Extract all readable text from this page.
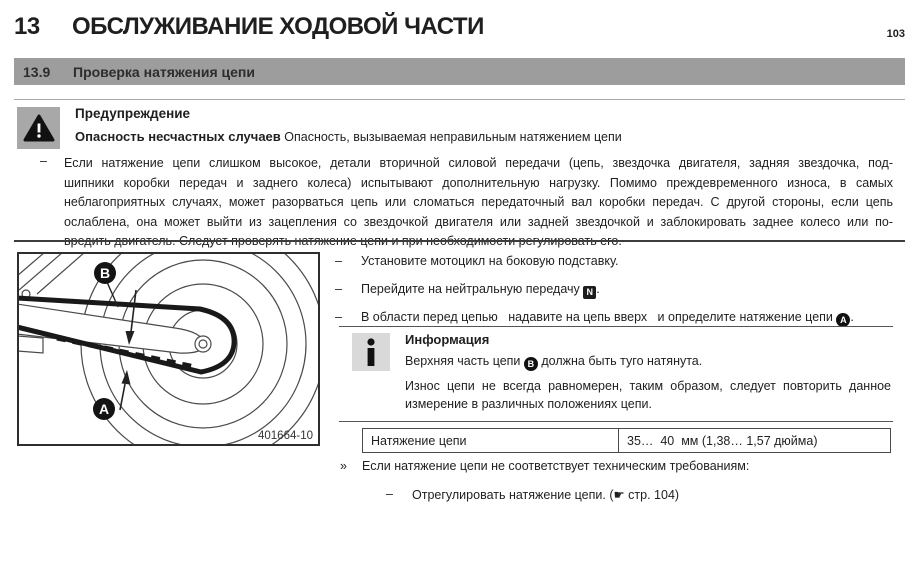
13	ОБСЛУЖИВАНИЕ ХОДОВОЙ ЧАСТИ	103
13.9	Проверка натяжения цепи
Предупреждение
Опасность несчастных случаев Опасность, вызываемая неправильным натяжением цепи
– Если натяжение цепи слишком высокое, детали вторичной силовой передачи (цепь, звездочка двигателя, задняя звездочка, под-
шипники коробки передач и заднего колеса) испытывают дополнительную нагрузку. Помимо преждевременного износа, в самых
неблагоприятных случаях, может разорваться цепь или сломаться передаточный вал коробки передач. С другой стороны, если цепь
ослаблена, она может выйти из зацепления со звездочкой двигателя или задней звездочкой и заблокировать заднее колесо или по-
B
A
401664-10
–	Установите мотоцикл на боковую подставку.
–	Перейдите на нейтральную передачу N .
–	В области перед цепью   надавите на цепь вверх   и определите натяжение цепи A .
Информация
Верхняя часть цепи B должна быть туго натянута.
Износ цепи не всегда равномерен, таким образом, следует повторить данное
измерение в различных положениях цепи.
Натяжение цепи	35…  40  мм (1,38… 1,57 дюйма)
» Если натяжение цепи не соответствует техническим требованиям:
– Отрегулировать натяжение цепи. (☛ стр. 104)
